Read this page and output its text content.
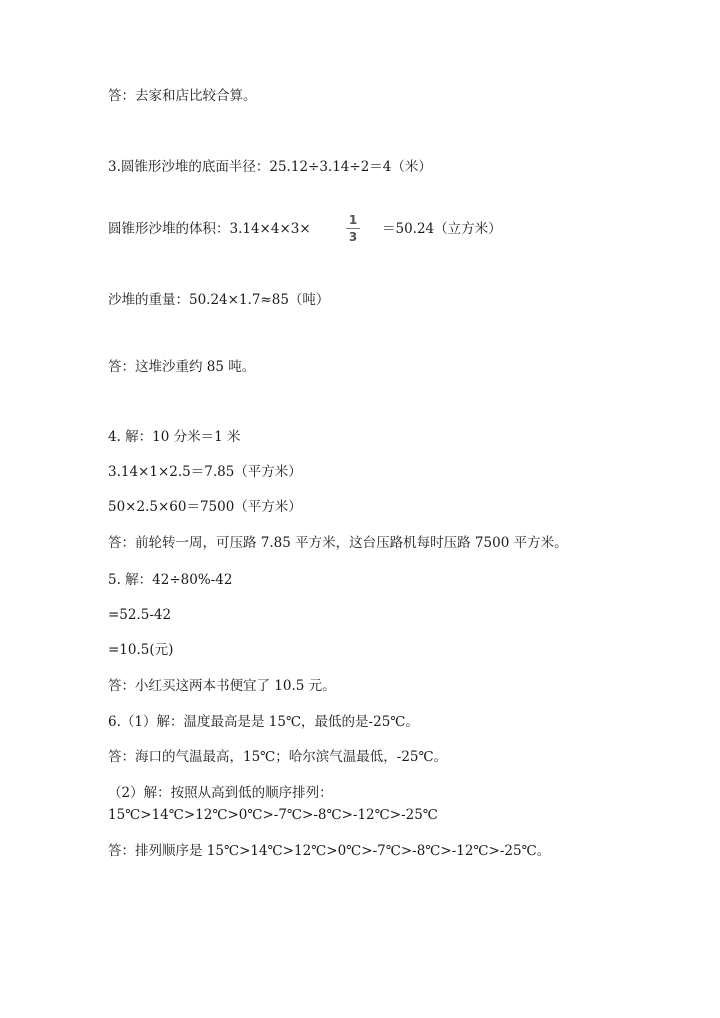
答：去家和店比较合算。
3.圆锥形沙堆的底面半径：25.12÷3.14÷2＝4（米）
圆锥形沙堆的体积：3.14×4×3×
1
3	＝50.24（立方米）
沙堆的重量：50.24×1.7≈85（吨）
答：这堆沙重约 85 吨。
4. 解：10 分米＝1 米
3.14×1×2.5＝7.85（平方米）
50×2.5×60＝7500（平方米）
答：前轮转一周，可压路 7.85 平方米，这台压路机每时压路 7500 平方米。
5. 解：42÷80%-42
=52.5-42
=10.5(元)
答：小红买这两本书便宜了 10.5 元。
6.（1）解：温度最高是是 15℃，最低的是-25℃。
答：海口的气温最高，15℃；哈尔滨气温最低，-25℃。
（2）解：按照从高到低的顺序排列：15℃>14℃>12℃>0℃>-7℃>-8℃>-12℃>-25℃
答：排列顺序是 15℃>14℃>12℃>0℃>-7℃>-8℃>-12℃>-25℃。
